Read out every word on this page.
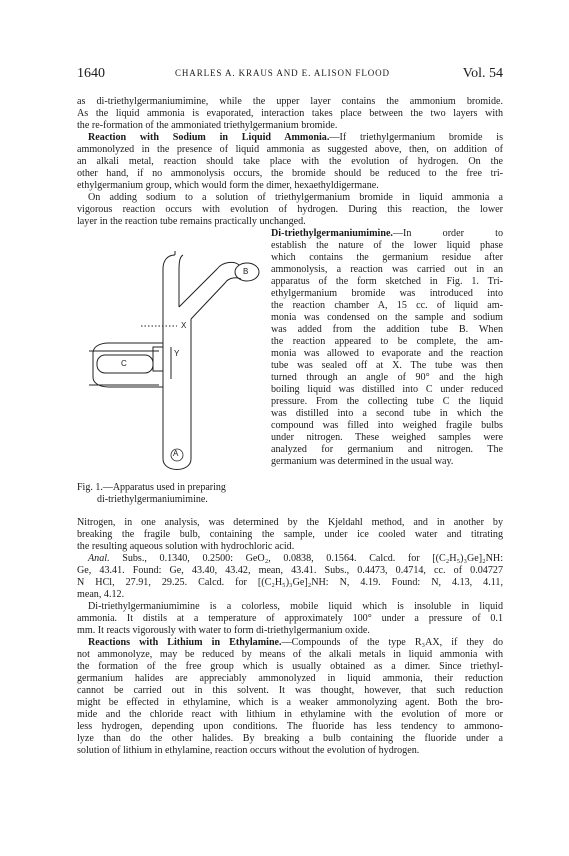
1640	CHARLES A. KRAUS AND E. ALISON FLOOD	Vol. 54
as di-triethylgermaniumimine, while the upper layer contains the ammonium bromide.
As the liquid ammonia is evaporated, interaction takes place between the two layers with
the re-formation of the ammoniated triethylgermanium bromide.
Reaction with Sodium in Liquid Ammonia.—If triethylgermanium bromide is
ammonolyzed in the presence of liquid ammonia as suggested above, then, on addition of
an alkali metal, reaction should take place with the evolution of hydrogen. On the
other hand, if no ammonolysis occurs, the bromide should be reduced to the free tri-
ethylgermanium group, which would form the dimer, hexaethyldigermane.
On adding sodium to a solution of triethylgermanium bromide in liquid ammonia a
vigorous reaction occurs with evolution of hydrogen. During this reaction, the lower
layer in the reaction tube remains practically unchanged.
Di-triethylgermaniumimine.—In order to
establish the nature of the lower liquid phase
which contains the germanium residue after
ammonolysis, a reaction was carried out in an
apparatus of the form sketched in Fig. 1. Tri-
ethylgermanium bromide was introduced into
the reaction chamber A, 15 cc. of liquid am-
monia was condensed on the sample and sodium
was added from the addition tube B. When
the reaction appeared to be complete, the am-
monia was allowed to evaporate and the reaction
tube was sealed off at X. The tube was then
turned through an angle of 90° and the high
boiling liquid was distilled into C under reduced
pressure. From the collecting tube C the liquid
was distilled into a second tube in which the
compound was filled into weighed fragile bulbs
under nitrogen. These weighed samples were
analyzed for germanium and nitrogen. The
germanium was determined in the usual way.
A
B
C
X
Y
Fig. 1.—Apparatus used in preparing
di-triethylgermaniumimine.
Nitrogen, in one analysis, was determined by the Kjeldahl method, and in another by
breaking the fragile bulb, containing the sample, under ice cooled water and titrating
the resulting aqueous solution with hydrochloric acid.
Anal. Subs., 0.1340, 0.2500: GeO₂, 0.0838, 0.1564. Calcd. for [(C₂H₅)₃Ge]₂NH:
Ge, 43.41. Found: Ge, 43.40, 43.42, mean, 43.41. Subs., 0.4473, 0.4714, cc. of 0.04727
N HCl, 27.91, 29.25. Calcd. for [(C₂H₅)₃Ge]₂NH: N, 4.19. Found: N, 4.13, 4.11,
mean, 4.12.
Di-triethylgermaniumimine is a colorless, mobile liquid which is insoluble in liquid
ammonia. It distils at a temperature of approximately 100° under a pressure of 0.1
mm. It reacts vigorously with water to form di-triethylgermanium oxide.
Reactions with Lithium in Ethylamine.—Compounds of the type R₃AX, if they do
not ammonolyze, may be reduced by means of the alkali metals in liquid ammonia with
the formation of the free group which is usually obtained as a dimer. Since triethyl-
germanium halides are appreciably ammonolyzed in liquid ammonia, their reduction
cannot be carried out in this solvent. It was thought, however, that such reduction
might be effected in ethylamine, which is a weaker ammonolyzing agent. Both the bro-
mide and the chloride react with lithium in ethylamine with the evolution of more or
less hydrogen, depending upon conditions. The fluoride has less tendency to ammono-
lyze than do the other halides. By breaking a bulb containing the fluoride under a
solution of lithium in ethylamine, reaction occurs without the evolution of hydrogen.
